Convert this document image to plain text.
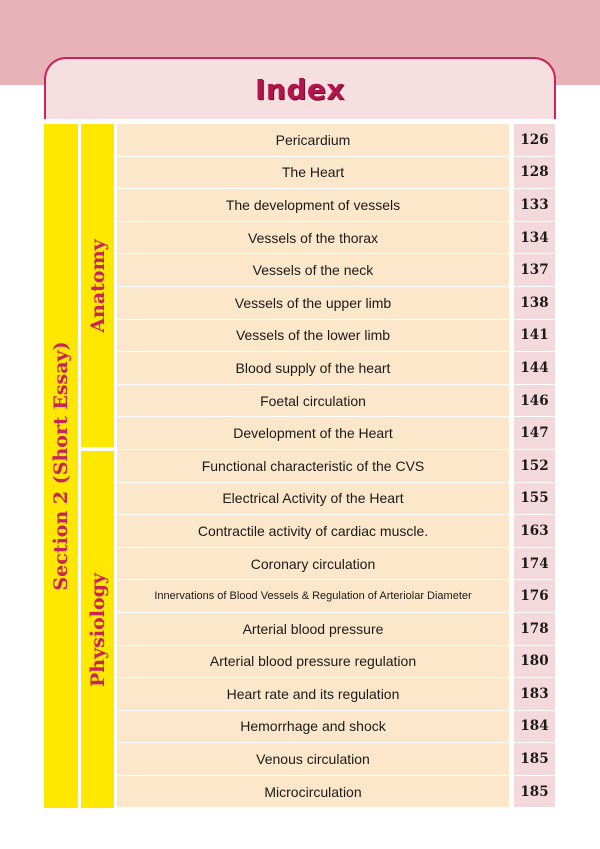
Index
Section 2 (Short Essay)
Anatomy
Physiology
Pericardium	126
The Heart	128
The development of vessels	133
Vessels of the thorax	134
Vessels of the neck	137
Vessels of the upper limb	138
Vessels of the lower limb	141
Blood supply of the heart	144
Foetal circulation	146
Development of the Heart	147
Functional characteristic of the CVS	152
Electrical Activity of the Heart	155
Contractile activity of cardiac muscle.	163
Coronary circulation	174
Innervations of Blood Vessels & Regulation of Arteriolar Diameter	176
Arterial blood pressure	178
Arterial blood pressure regulation	180
Heart rate and its regulation	183
Hemorrhage and shock	184
Venous circulation	185
Microcirculation	185
